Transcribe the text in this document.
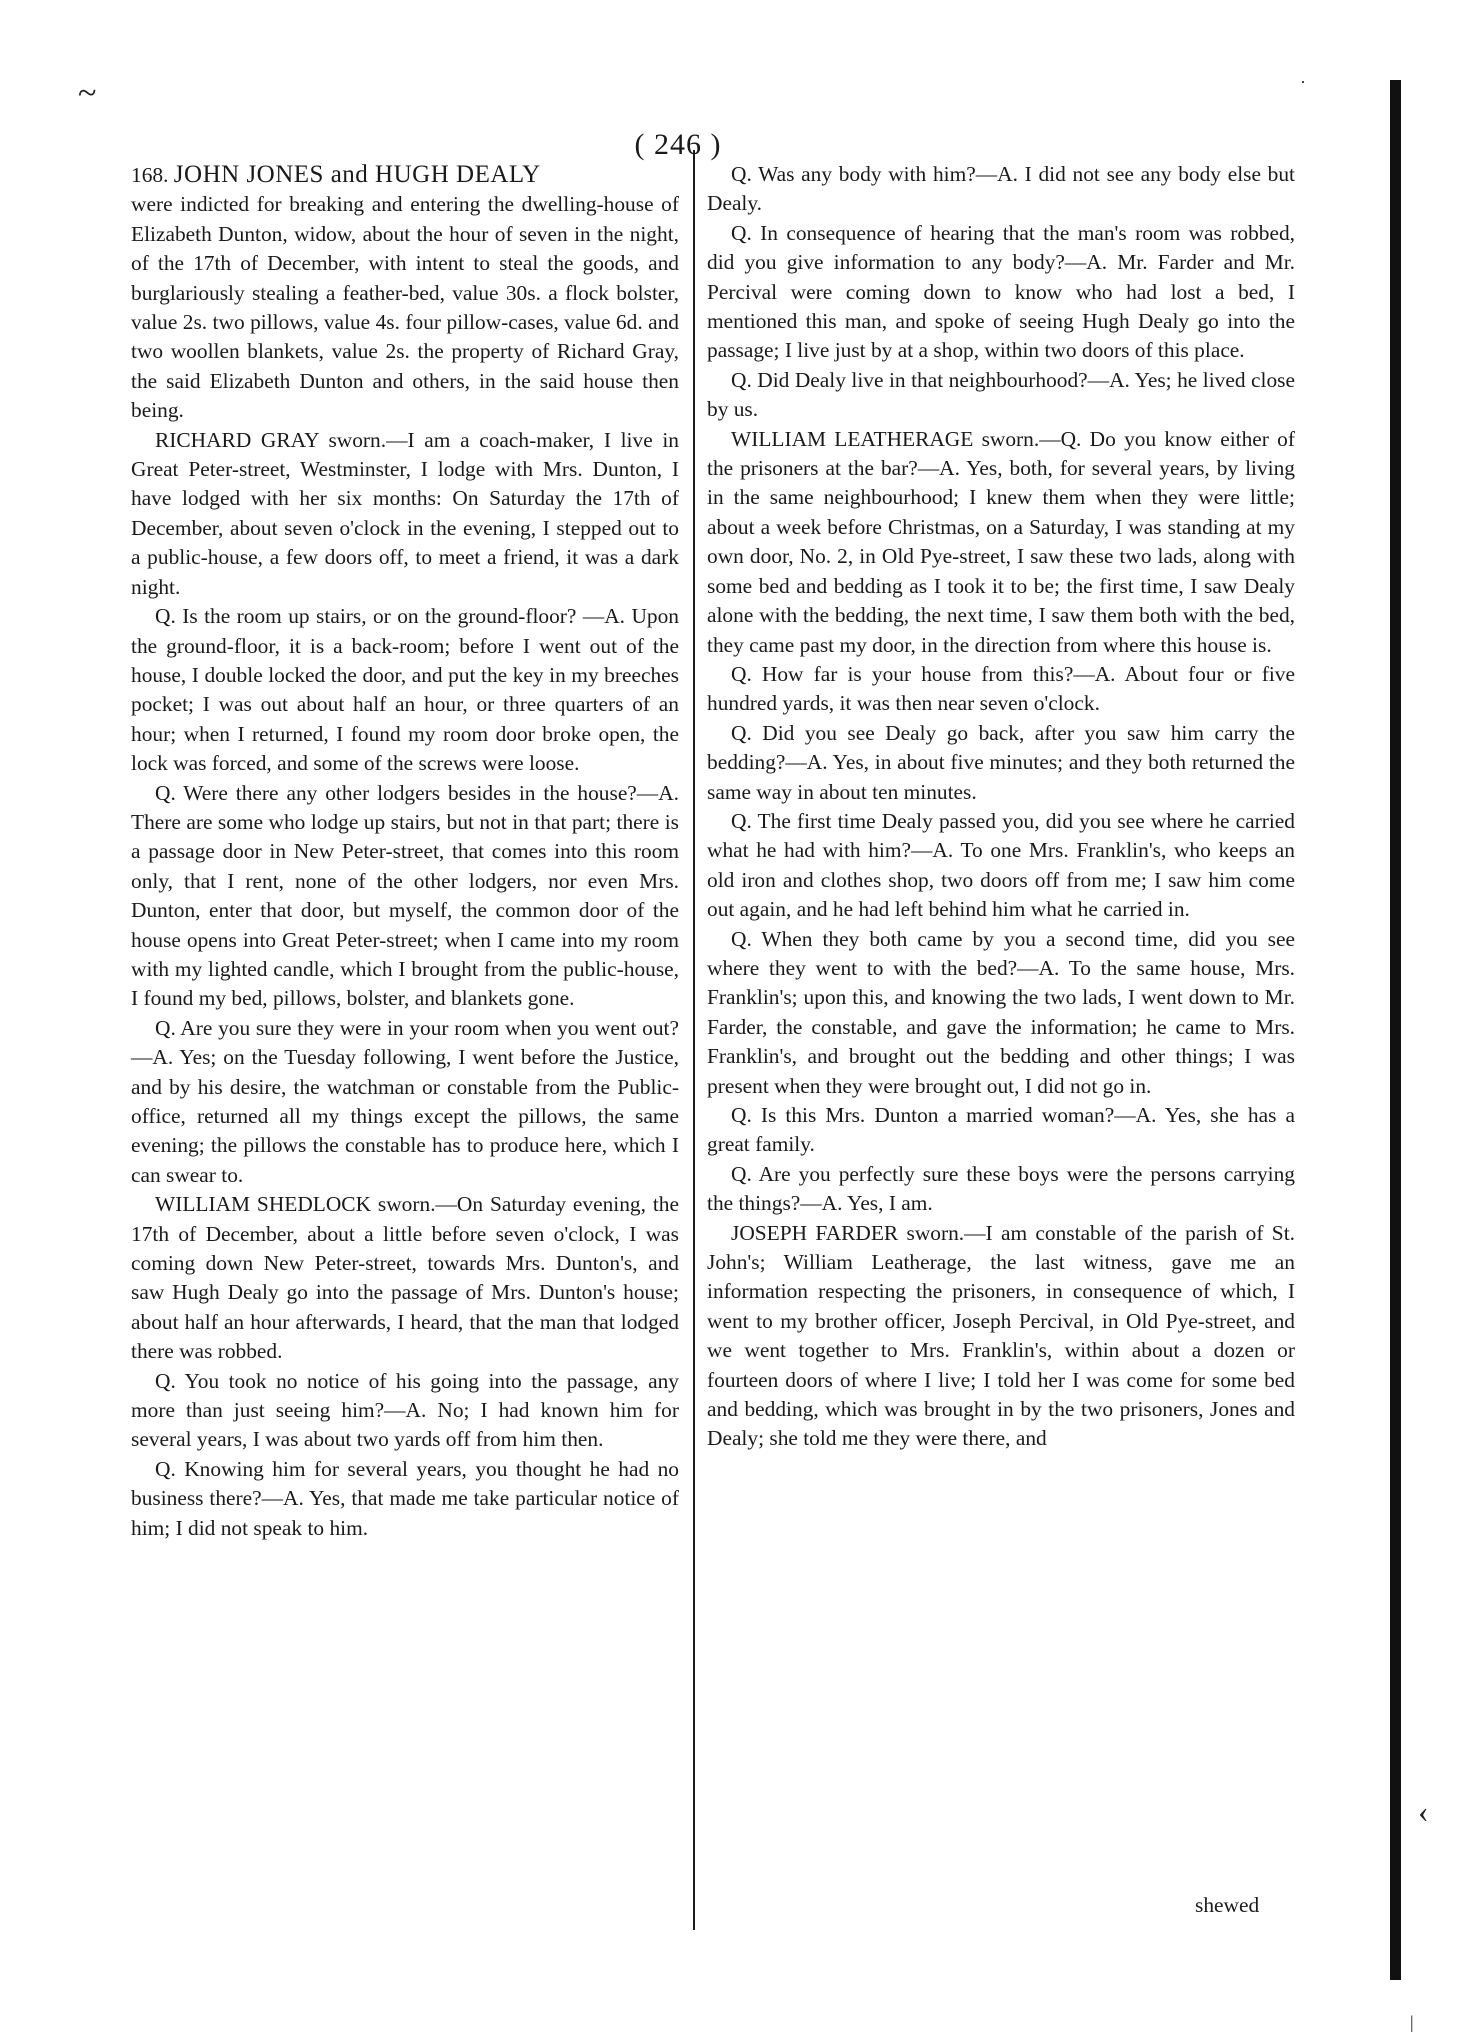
~	·
‹
|
( 246 )

168. JOHN JONES and HUGH DEALY

were indicted for breaking and entering the dwelling-house of Elizabeth Dunton, widow, about the hour of seven in the night, of the 17th of December, with intent to steal the goods, and burglariously stealing a feather-bed, value 30s. a flock bolster, value 2s. two pillows, value 4s. four pillow-cases, value 6d. and two woollen blankets, value 2s. the property of Richard Gray, the said Elizabeth Dunton and others, in the said house then being.

RICHARD GRAY sworn.—I am a coach-maker, I live in Great Peter-street, Westminster, I lodge with Mrs. Dunton, I have lodged with her six months: On Saturday the 17th of December, about seven o'clock in the evening, I stepped out to a public-house, a few doors off, to meet a friend, it was a dark night.

Q. Is the room up stairs, or on the ground-floor? —A. Upon the ground-floor, it is a back-room; before I went out of the house, I double locked the door, and put the key in my breeches pocket; I was out about half an hour, or three quarters of an hour; when I returned, I found my room door broke open, the lock was forced, and some of the screws were loose.

Q. Were there any other lodgers besides in the house?—A. There are some who lodge up stairs, but not in that part; there is a passage door in New Peter-street, that comes into this room only, that I rent, none of the other lodgers, nor even Mrs. Dunton, enter that door, but myself, the common door of the house opens into Great Peter-street; when I came into my room with my lighted candle, which I brought from the public-house, I found my bed, pillows, bolster, and blankets gone.

Q. Are you sure they were in your room when you went out?—A. Yes; on the Tuesday following, I went before the Justice, and by his desire, the watchman or constable from the Public-office, returned all my things except the pillows, the same evening; the pillows the constable has to produce here, which I can swear to.

WILLIAM SHEDLOCK sworn.—On Saturday evening, the 17th of December, about a little before seven o'clock, I was coming down New Peter-street, towards Mrs. Dunton's, and saw Hugh Dealy go into the passage of Mrs. Dunton's house; about half an hour afterwards, I heard, that the man that lodged there was robbed.

Q. You took no notice of his going into the passage, any more than just seeing him?—A. No; I had known him for several years, I was about two yards off from him then.

Q. Knowing him for several years, you thought he had no business there?—A. Yes, that made me take particular notice of him; I did not speak to him.

Q. Was any body with him?—A. I did not see any body else but Dealy.

Q. In consequence of hearing that the man's room was robbed, did you give information to any body?—A. Mr. Farder and Mr. Percival were coming down to know who had lost a bed, I mentioned this man, and spoke of seeing Hugh Dealy go into the passage; I live just by at a shop, within two doors of this place.

Q. Did Dealy live in that neighbourhood?—A. Yes; he lived close by us.

WILLIAM LEATHERAGE sworn.—Q. Do you know either of the prisoners at the bar?—A. Yes, both, for several years, by living in the same neighbourhood; I knew them when they were little; about a week before Christmas, on a Saturday, I was standing at my own door, No. 2, in Old Pye-street, I saw these two lads, along with some bed and bedding as I took it to be; the first time, I saw Dealy alone with the bedding, the next time, I saw them both with the bed, they came past my door, in the direction from where this house is.

Q. How far is your house from this?—A. About four or five hundred yards, it was then near seven o'clock.

Q. Did you see Dealy go back, after you saw him carry the bedding?—A. Yes, in about five minutes; and they both returned the same way in about ten minutes.

Q. The first time Dealy passed you, did you see where he carried what he had with him?—A. To one Mrs. Franklin's, who keeps an old iron and clothes shop, two doors off from me; I saw him come out again, and he had left behind him what he carried in.

Q. When they both came by you a second time, did you see where they went to with the bed?—A. To the same house, Mrs. Franklin's; upon this, and knowing the two lads, I went down to Mr. Farder, the constable, and gave the information; he came to Mrs. Franklin's, and brought out the bedding and other things; I was present when they were brought out, I did not go in.

Q. Is this Mrs. Dunton a married woman?—A. Yes, she has a great family.

Q. Are you perfectly sure these boys were the persons carrying the things?—A. Yes, I am.

JOSEPH FARDER sworn.—I am constable of the parish of St. John's; William Leatherage, the last witness, gave me an information respecting the prisoners, in consequence of which, I went to my brother officer, Joseph Percival, in Old Pye-street, and we went together to Mrs. Franklin's, within about a dozen or fourteen doors of where I live; I told her I was come for some bed and bedding, which was brought in by the two prisoners, Jones and Dealy; she told me they were there, and

shewed
